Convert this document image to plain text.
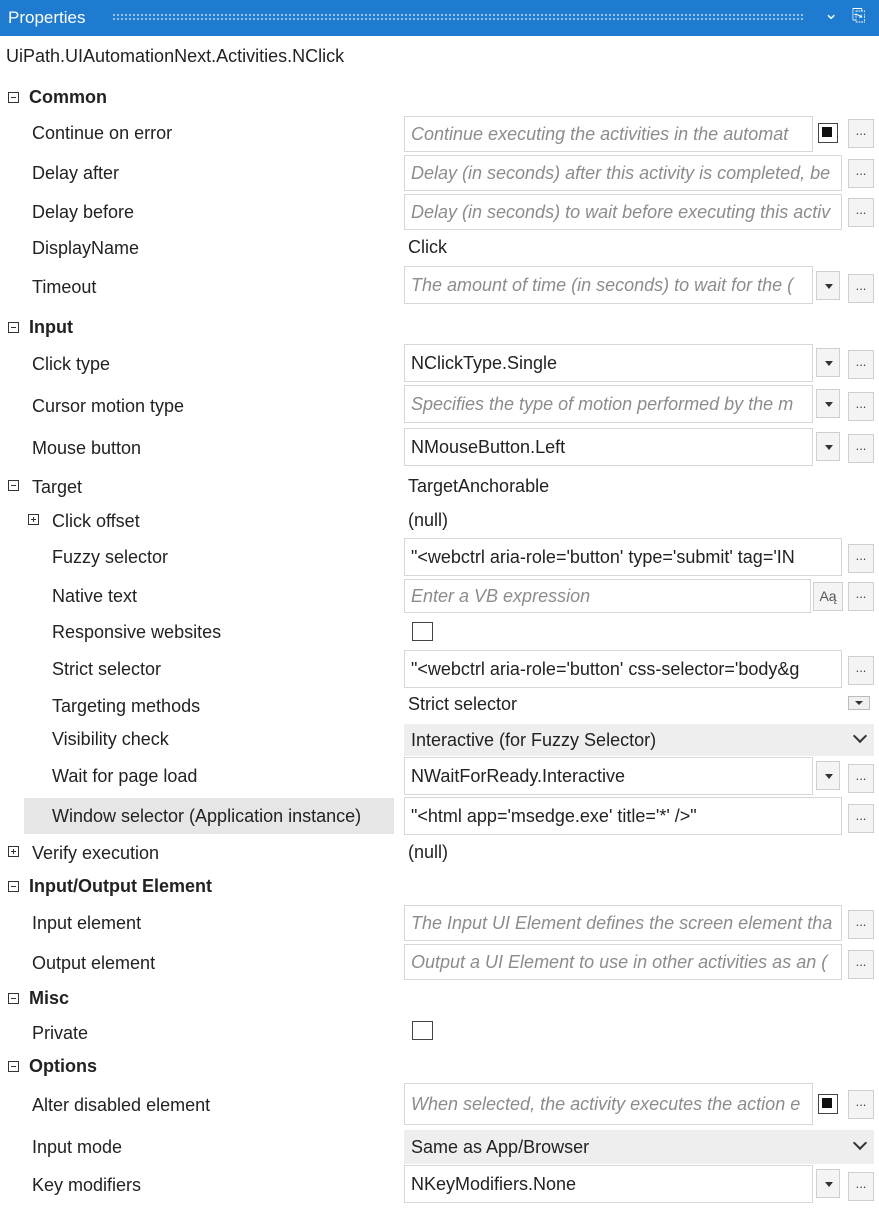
Properties	⌄ ⎘
UiPath.UIAutomationNext.Activities.NClick
Common
Continue on error	Continue executing the activities in the automat	...
Delay after	Delay (in seconds) after this activity is completed, be	...
Delay before	Delay (in seconds) to wait before executing this activ	...
DisplayName	Click
Timeout	The amount of time (in seconds) to wait for the (	...
Input
Click type	NClickType.Single	...
Cursor motion type	Specifies the type of motion performed by the m	...
Mouse button	NMouseButton.Left	...
Target	TargetAnchorable
Click offset	(null)
Fuzzy selector	"<webctrl aria-role='button' type='submit' tag='IN	...
Native text	Enter a VB expression	Aą	...
Responsive websites
Strict selector	"<webctrl aria-role='button' css-selector='body&g	...
Targeting methods	Strict selector
Visibility check	Interactive (for Fuzzy Selector)
Wait for page load	NWaitForReady.Interactive	...
Window selector (Application instance)	"<html app='msedge.exe' title='*' />"	...
Verify execution	(null)
Input/Output Element
Input element	The Input UI Element defines the screen element tha	...
Output element	Output a UI Element to use in other activities as an (	...
Misc
Private
Options
Alter disabled element	When selected, the activity executes the action e	...
Input mode	Same as App/Browser
Key modifiers	NKeyModifiers.None	...
